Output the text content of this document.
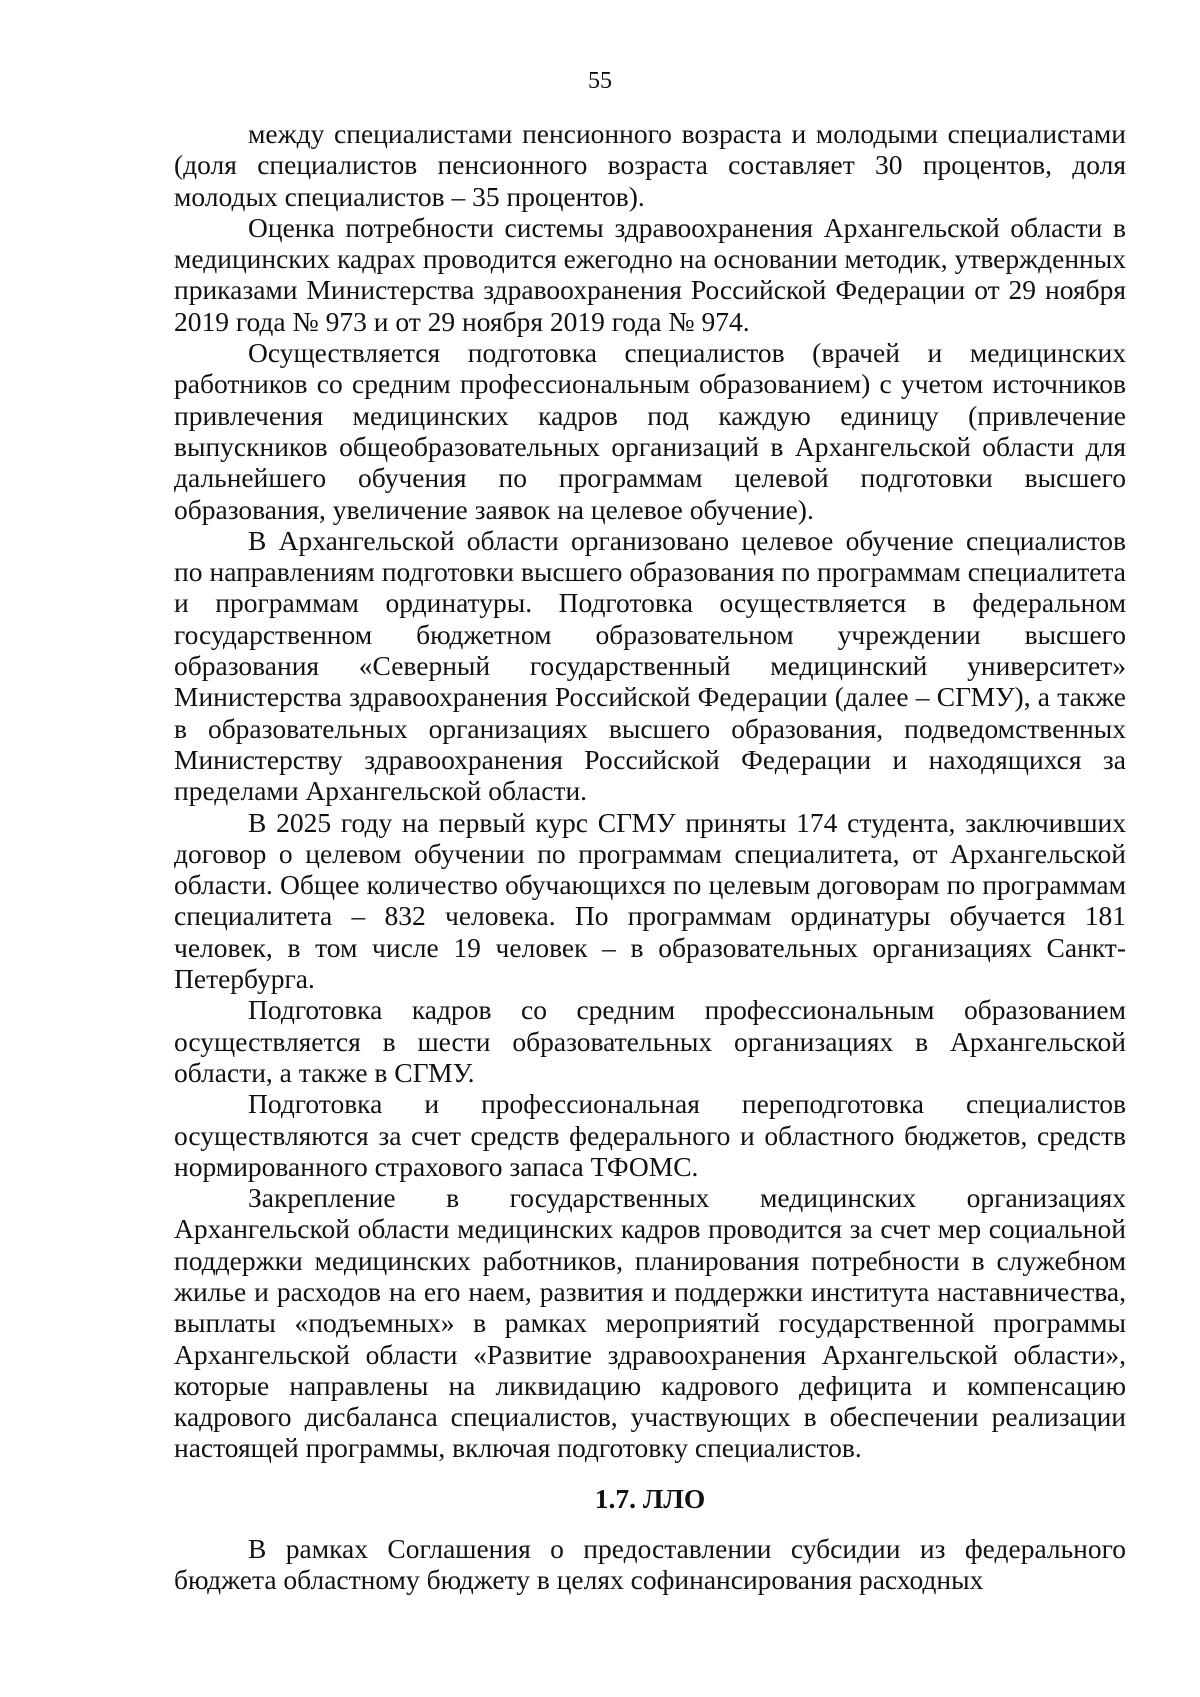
55

между специалистами пенсионного возраста и молодыми специалистами (доля специалистов пенсионного возраста составляет 30 процентов, доля молодых специалистов – 35 процентов).

Оценка потребности системы здравоохранения Архангельской области в медицинских кадрах проводится ежегодно на основании методик, утвержденных приказами Министерства здравоохранения Российской Федерации от 29 ноября 2019 года № 973 и от 29 ноября 2019 года № 974.

Осуществляется подготовка специалистов (врачей и медицинских работников со средним профессиональным образованием) с учетом источников привлечения медицинских кадров под каждую единицу (привлечение выпускников общеобразовательных организаций в Архангельской области для дальнейшего обучения по программам целевой подготовки высшего образования, увеличение заявок на целевое обучение).

В Архангельской области организовано целевое обучение специалистов по направлениям подготовки высшего образования по программам специалитета и программам ординатуры. Подготовка осуществляется в федеральном государственном бюджетном образовательном учреждении высшего образования «Северный государственный медицинский университет» Министерства здравоохранения Российской Федерации (далее – СГМУ), а также в образовательных организациях высшего образования, подведомственных Министерству здравоохранения Российской Федерации и находящихся за пределами Архангельской области.

В 2025 году на первый курс СГМУ приняты 174 студента, заключивших договор о целевом обучении по программам специалитета, от Архангельской области. Общее количество обучающихся по целевым договорам по программам специалитета – 832 человека. По программам ординатуры обучается 181 человек, в том числе 19 человек – в образовательных организациях Санкт-Петербурга.

Подготовка кадров со средним профессиональным образованием осуществляется в шести образовательных организациях в Архангельской области, а также в СГМУ.

Подготовка и профессиональная переподготовка специалистов осуществляются за счет средств федерального и областного бюджетов, средств нормированного страхового запаса ТФОМС.

Закрепление в государственных медицинских организациях Архангельской области медицинских кадров проводится за счет мер социальной поддержки медицинских работников, планирования потребности в служебном жилье и расходов на его наем, развития и поддержки института наставничества, выплаты «подъемных» в рамках мероприятий государственной программы Архангельской области «Развитие здравоохранения Архангельской области», которые направлены на ликвидацию кадрового дефицита и компенсацию кадрового дисбаланса специалистов, участвующих в обеспечении реализации настоящей программы, включая подготовку специалистов.

1.7. ЛЛО

В рамках Соглашения о предоставлении субсидии из федерального бюджета областному бюджету в целях софинансирования расходных
